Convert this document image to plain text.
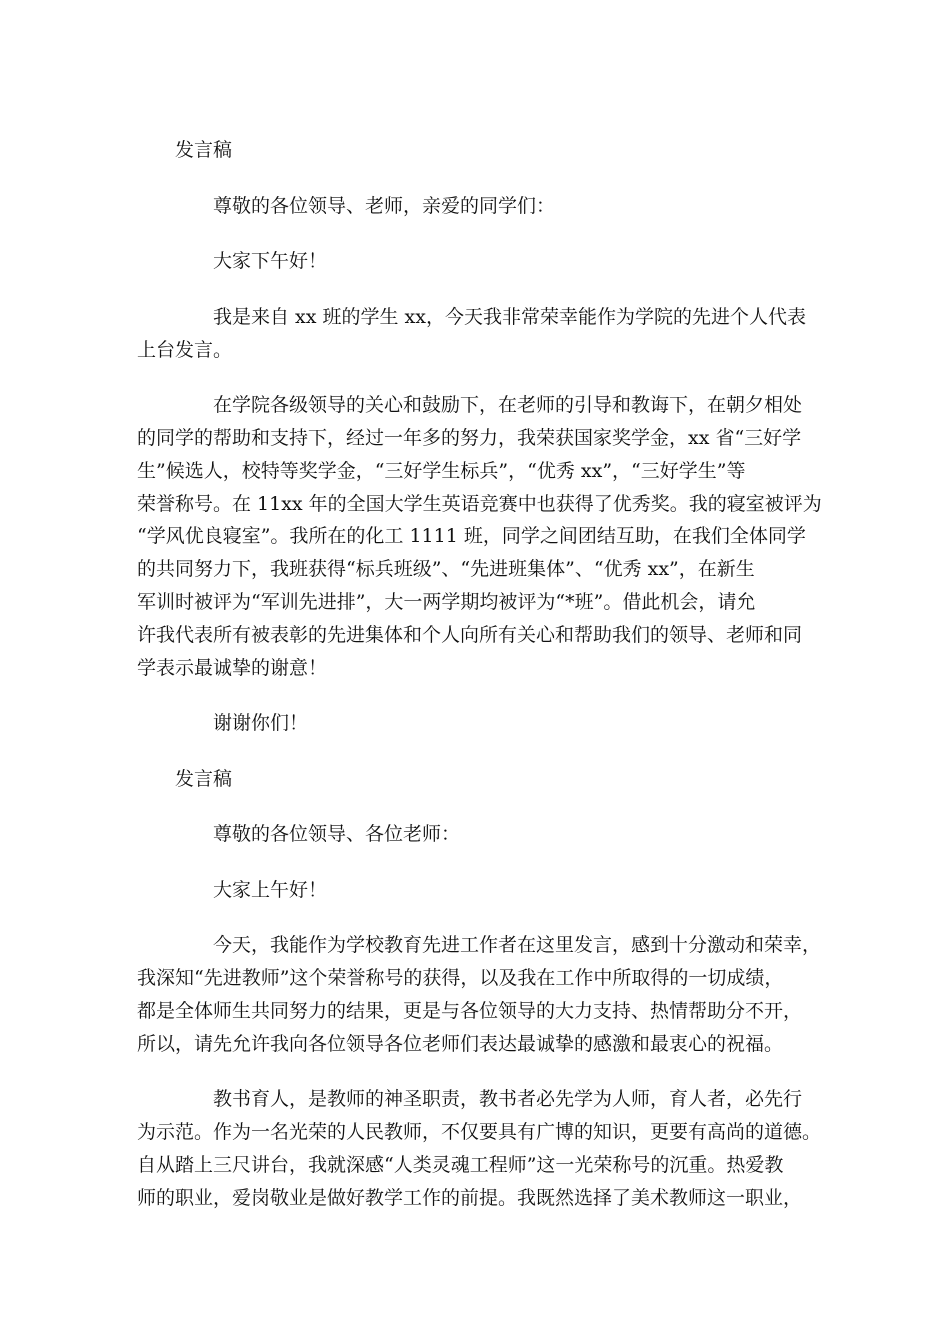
发言稿

尊敬的各位领导、老师，亲爱的同学们：

大家下午好！

我是来自 xx 班的学生 xx，今天我非常荣幸能作为学院的先进个人代表

上台发言。

在学院各级领导的关心和鼓励下，在老师的引导和教诲下，在朝夕相处

的同学的帮助和支持下，经过一年多的努力，我荣获国家奖学金，xx 省“三好学

生”候选人，校特等奖学金，“三好学生标兵”，“优秀 xx”，“三好学生”等

荣誉称号。在 11xx 年的全国大学生英语竞赛中也获得了优秀奖。我的寝室被评为

“学风优良寝室”。我所在的化工 1111 班，同学之间团结互助，在我们全体同学

的共同努力下，我班获得“标兵班级”、“先进班集体”、“优秀 xx”，在新生

军训时被评为“军训先进排”，大一两学期均被评为“*班”。借此机会，请允

许我代表所有被表彰的先进集体和个人向所有关心和帮助我们的领导、老师和同

学表示最诚挚的谢意！

谢谢你们！

发言稿

尊敬的各位领导、各位老师：

大家上午好！

今天，我能作为学校教育先进工作者在这里发言，感到十分激动和荣幸，

我深知“先进教师”这个荣誉称号的获得，以及我在工作中所取得的一切成绩，

都是全体师生共同努力的结果，更是与各位领导的大力支持、热情帮助分不开，

所以，请先允许我向各位领导各位老师们表达最诚挚的感激和最衷心的祝福。

教书育人，是教师的神圣职责，教书者必先学为人师，育人者，必先行

为示范。作为一名光荣的人民教师，不仅要具有广博的知识，更要有高尚的道德。

自从踏上三尺讲台，我就深感“人类灵魂工程师”这一光荣称号的沉重。热爱教

师的职业，爱岗敬业是做好教学工作的前提。我既然选择了美术教师这一职业，
